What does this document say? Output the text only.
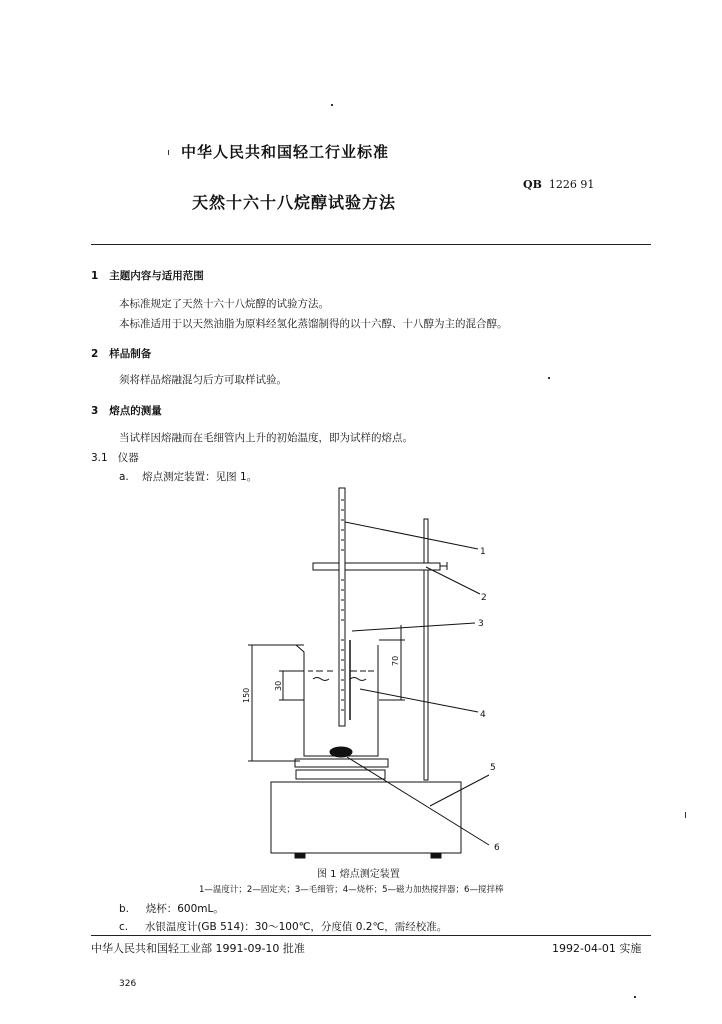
中华人民共和国轻工行业标准
QB 1226 91
天然十六十八烷醇试验方法
1 主题内容与适用范围
本标准规定了天然十六十八烷醇的试验方法。
本标准适用于以天然油脂为原料经氢化蒸馏制得的以十六醇、十八醇为主的混合醇。
2 样品制备
须将样品熔融混匀后方可取样试验。
3 熔点的测量
当试样因熔融而在毛细管内上升的初始温度，即为试样的熔点。
3.1 仪器
a. 熔点测定装置：见图 1。
1
2
3
4
5
6
150
30
70
图 1 熔点测定装置
1—温度计；2—固定夹；3—毛细管；4—烧杯；5—磁力加热搅拌器；6—搅拌棒
b. 烧杯：600mL。
c. 水银温度计(GB 514)：30～100℃，分度值 0.2℃，需经校准。
中华人民共和国轻工业部 1991-09-10 批准	1992-04-01 实施
326
